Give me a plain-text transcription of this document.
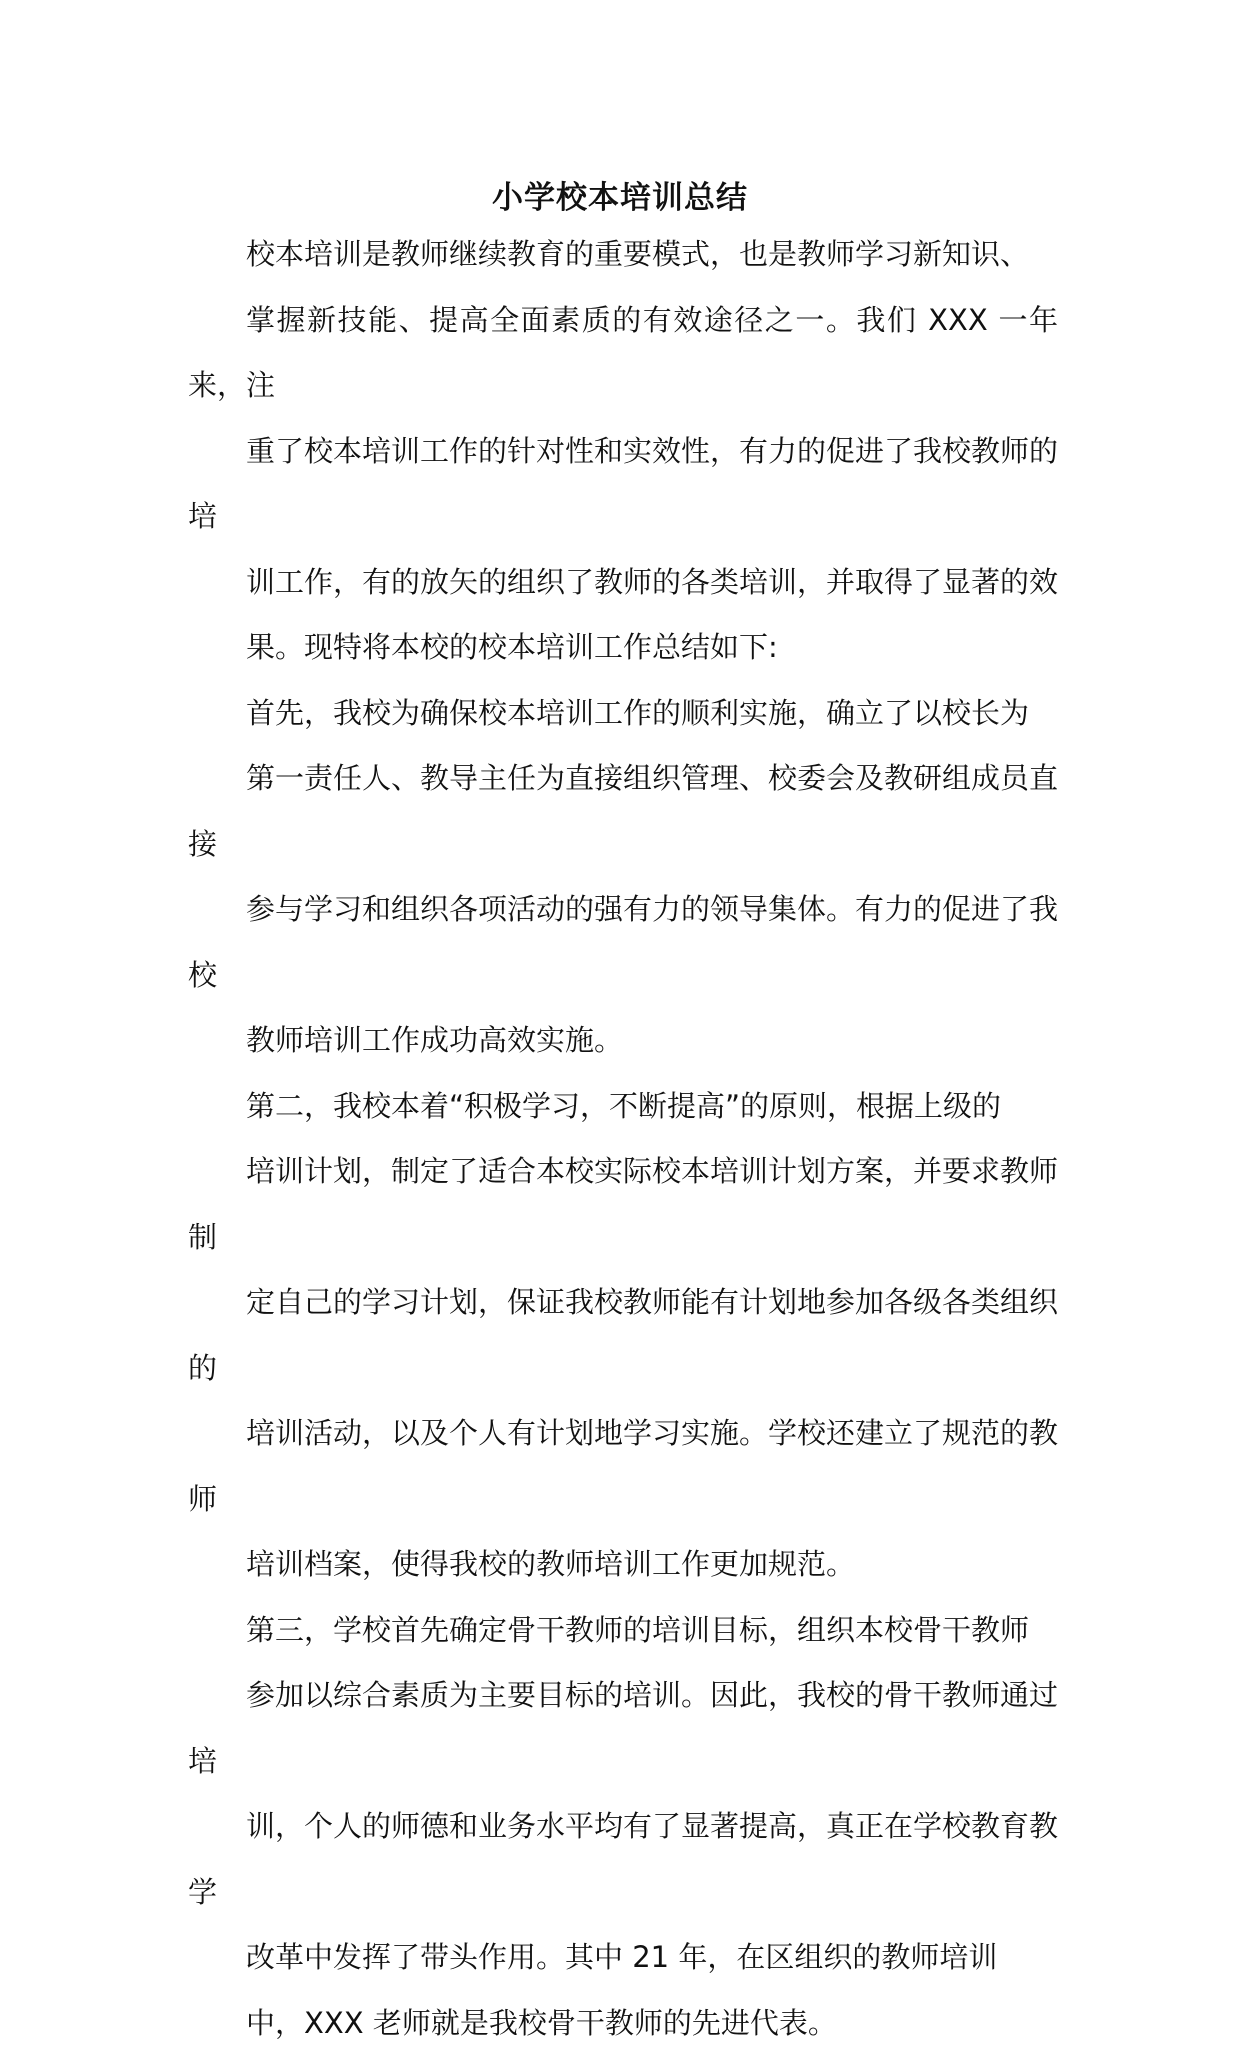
小学校本培训总结

校本培训是教师继续教育的重要模式，也是教师学习新知识、
掌握新技能、提高全面素质的有效途径之一。我们 XXX 一年来，注
重了校本培训工作的针对性和实效性，有力的促进了我校教师的培
训工作，有的放矢的组织了教师的各类培训，并取得了显著的效
果。现特将本校的校本培训工作总结如下:

首先，我校为确保校本培训工作的顺利实施，确立了以校长为
第一责任人、教导主任为直接组织管理、校委会及教研组成员直接
参与学习和组织各项活动的强有力的领导集体。有力的促进了我校
教师培训工作成功高效实施。

第二，我校本着“积极学习，不断提高”的原则，根据上级的
培训计划，制定了适合本校实际校本培训计划方案，并要求教师制
定自己的学习计划，保证我校教师能有计划地参加各级各类组织的
培训活动，以及个人有计划地学习实施。学校还建立了规范的教师
培训档案，使得我校的教师培训工作更加规范。

第三，学校首先确定骨干教师的培训目标，组织本校骨干教师
参加以综合素质为主要目标的培训。因此，我校的骨干教师通过培
训，个人的师德和业务水平均有了显著提高，真正在学校教育教学
改革中发挥了带头作用。其中 21 年，在区组织的教师培训
中，XXX 老师就是我校骨干教师的先进代表。
